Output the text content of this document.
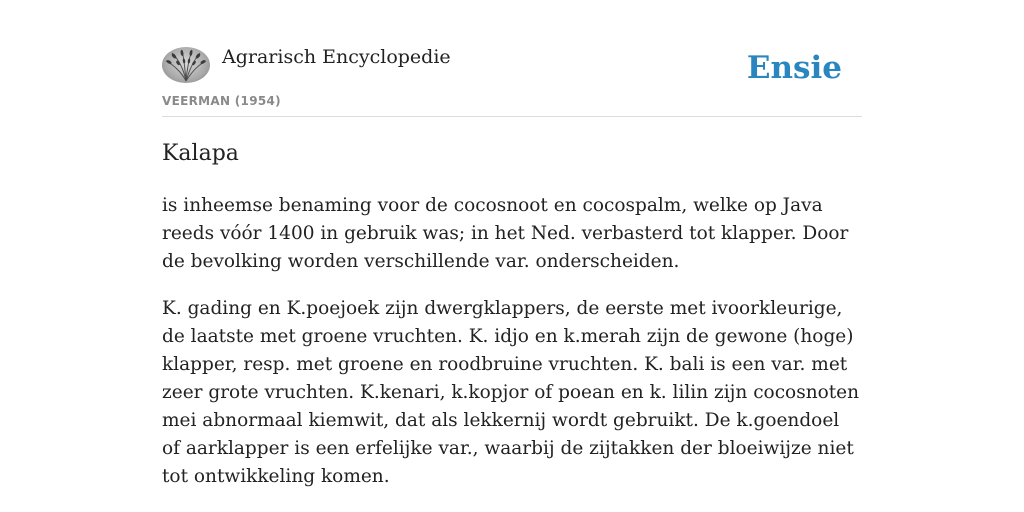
Agrarisch Encyclopedie
VEERMAN (1954)
Ensie
Kalapa

is inheemse benaming voor de cocosnoot en cocospalm, welke op Java reeds vóór 1400 in gebruik was; in het Ned. verbasterd tot klapper. Door de bevolking worden verschillende var. onderscheiden.

K. gading en K.poejoek zijn dwergklappers, de eerste met ivoorkleurige, de laatste met groene vruchten. K. idjo en k.merah zijn de gewone (hoge) klapper, resp. met groene en roodbruine vruchten. K. bali is een var. met zeer grote vruchten. K.kenari, k.kopjor of poean en k. lilin zijn cocosnoten mei abnormaal kiemwit, dat als lekkernij wordt gebruikt. De k.goendoel of aarklapper is een erfelijke var., waarbij de zijtakken der bloeiwijze niet tot ontwikkeling komen.
